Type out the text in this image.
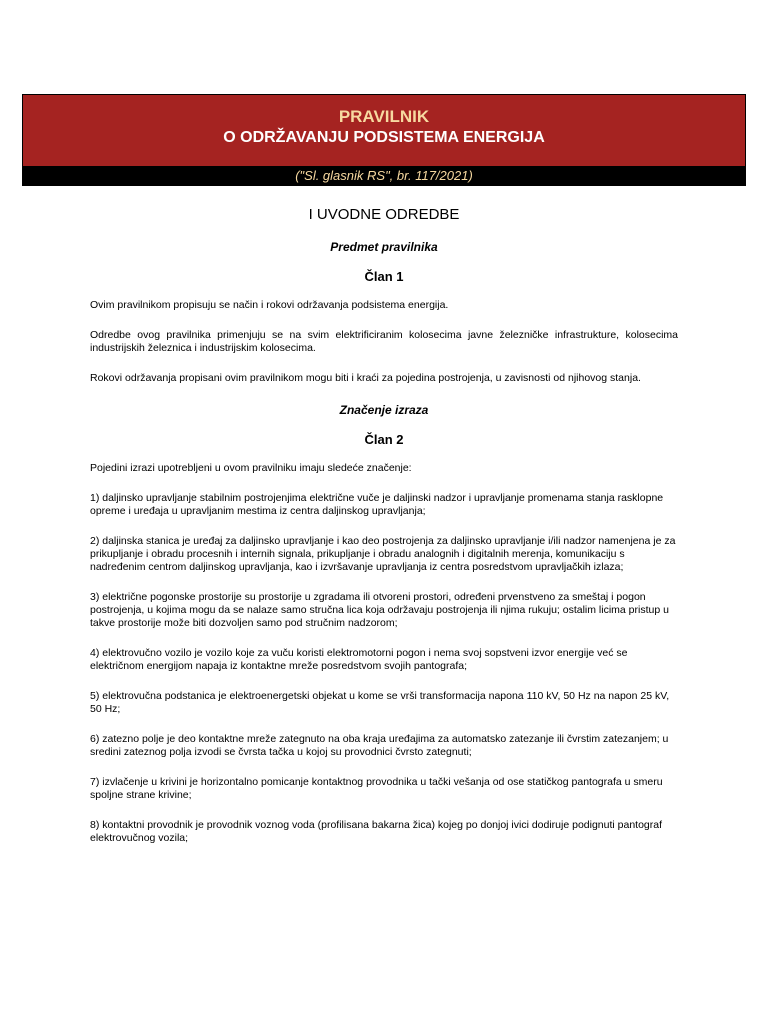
PRAVILNIK
O ODRŽAVANJU PODSISTEMA ENERGIJA
("Sl. glasnik RS", br. 117/2021)
I UVODNE ODREDBE
Predmet pravilnika
Član 1

Ovim pravilnikom propisuju se način i rokovi održavanja podsistema energija.

Odredbe ovog pravilnika primenjuju se na svim elektrificiranim kolosecima javne železničke infrastrukture, kolosecima industrijskih železnica i industrijskim kolosecima.

Rokovi održavanja propisani ovim pravilnikom mogu biti i kraći za pojedina postrojenja, u zavisnosti od njihovog stanja.

Značenje izraza
Član 2

Pojedini izrazi upotrebljeni u ovom pravilniku imaju sledeće značenje:

1) daljinsko upravljanje stabilnim postrojenjima električne vuče je daljinski nadzor i upravljanje promenama stanja rasklopne opreme i uređaja u upravljanim mestima iz centra daljinskog upravljanja;

2) daljinska stanica je uređaj za daljinsko upravljanje i kao deo postrojenja za daljinsko upravljanje i/ili nadzor namenjena je za prikupljanje i obradu procesnih i internih signala, prikupljanje i obradu analognih i digitalnih merenja, komunikaciju s nadređenim centrom daljinskog upravljanja, kao i izvršavanje upravljanja iz centra posredstvom upravljačkih izlaza;

3) električne pogonske prostorije su prostorije u zgradama ili otvoreni prostori, određeni prvenstveno za smeštaj i pogon postrojenja, u kojima mogu da se nalaze samo stručna lica koja održavaju postrojenja ili njima rukuju; ostalim licima pristup u takve prostorije može biti dozvoljen samo pod stručnim nadzorom;

4) elektrovučno vozilo je vozilo koje za vuču koristi elektromotorni pogon i nema svoj sopstveni izvor energije već se električnom energijom napaja iz kontaktne mreže posredstvom svojih pantografa;

5) elektrovučna podstanica je elektroenergetski objekat u kome se vrši transformacija napona 110 kV, 50 Hz na napon 25 kV, 50 Hz;

6) zatezno polje je deo kontaktne mreže zategnuto na oba kraja uređajima za automatsko zatezanje ili čvrstim zatezanjem; u sredini zateznog polja izvodi se čvrsta tačka u kojoj su provodnici čvrsto zategnuti;

7) izvlačenje u krivini je horizontalno pomicanje kontaktnog provodnika u tački vešanja od ose statičkog pantografa u smeru spoljne strane krivine;

8) kontaktni provodnik je provodnik voznog voda (profilisana bakarna žica) kojeg po donjoj ivici dodiruje podignuti pantograf elektrovučnog vozila;
